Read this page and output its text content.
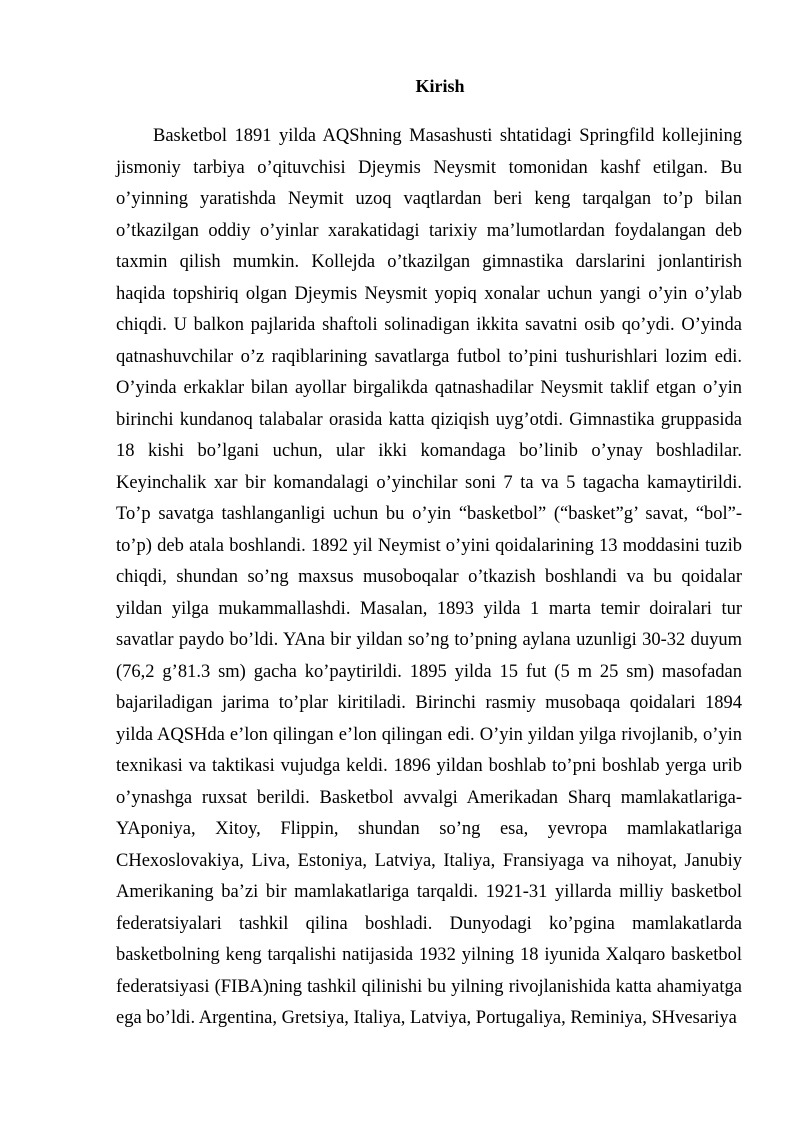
Kirish

Basketbol 1891 yilda AQShning Masashusti shtatidagi Springfild kollejining jismoniy tarbiya o’qituvchisi Djeymis Neysmit tomonidan kashf etilgan. Bu o’yinning yaratishda Neymit uzoq vaqtlardan beri keng tarqalgan to’p bilan o’tkazilgan oddiy o’yinlar xarakatidagi tarixiy ma’lumotlardan foydalangan deb taxmin qilish mumkin. Kollejda o’tkazilgan gimnastika darslarini jonlantirish haqida topshiriq olgan Djeymis Neysmit yopiq xonalar uchun yangi o’yin o’ylab chiqdi. U balkon pajlarida shaftoli solinadigan ikkita savatni osib qo’ydi. O’yinda qatnashuvchilar o’z raqiblarining savatlarga futbol to’pini tushurishlari lozim edi. O’yinda erkaklar bilan ayollar birgalikda qatnashadilar Neysmit taklif etgan o’yin birinchi kundanoq talabalar orasida katta qiziqish uyg’otdi. Gimnastika gruppasida 18 kishi bo’lgani uchun, ular ikki komandaga bo’linib o’ynay boshladilar. Keyinchalik xar bir komandalagi o’yinchilar soni 7 ta va 5 tagacha kamaytirildi. To’p savatga tashlanganligi uchun bu o’yin “basketbol” (“basket”g’ savat, “bol”-to’p) deb atala boshlandi. 1892 yil Neymist o’yini qoidalarining 13 moddasini tuzib chiqdi, shundan so’ng maxsus musoboqalar o’tkazish boshlandi va bu qoidalar yildan yilga mukammallashdi. Masalan, 1893 yilda 1 marta temir doiralari tur savatlar paydo bo’ldi. YAna bir yildan so’ng to’pning aylana uzunligi 30-32 duyum (76,2 g’81.3 sm) gacha ko’paytirildi. 1895 yilda 15 fut (5 m 25 sm) masofadan bajariladigan jarima to’plar kiritiladi. Birinchi rasmiy musobaqa qoidalari 1894 yilda AQSHda e’lon qilingan e’lon qilingan edi. O’yin yildan yilga rivojlanib, o’yin texnikasi va taktikasi vujudga keldi. 1896 yildan boshlab to’pni boshlab yerga urib o’ynashga ruxsat berildi. Basketbol avvalgi Amerikadan Sharq mamlakatlariga- YAponiya, Xitoy, Flippin, shundan so’ng esa, yevropa mamlakatlariga CHexoslovakiya, Liva, Estoniya, Latviya, Italiya, Fransiyaga va nihoyat, Janubiy Amerikaning ba’zi bir mamlakatlariga tarqaldi. 1921-31 yillarda milliy basketbol federatsiyalari tashkil qilina boshladi. Dunyodagi ko’pgina mamlakatlarda basketbolning keng tarqalishi natijasida 1932 yilning 18 iyunida Xalqaro basketbol federatsiyasi (FIBA)ning tashkil qilinishi bu yilning rivojlanishida katta ahamiyatga ega bo’ldi. Argentina, Gretsiya, Italiya, Latviya, Portugaliya, Reminiya, SHvesariya
